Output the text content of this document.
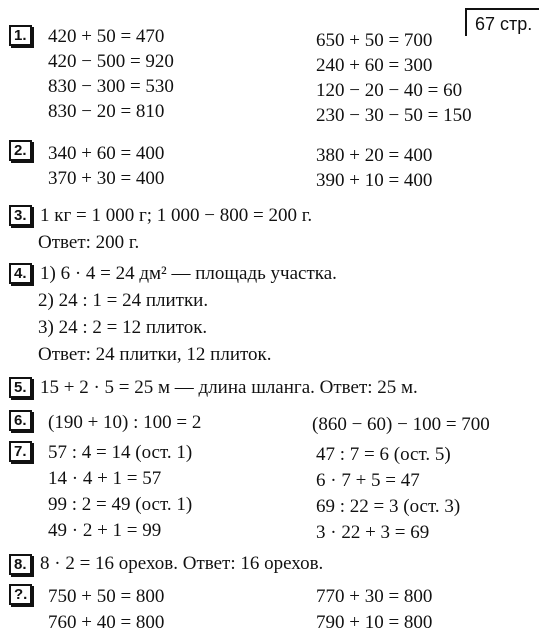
67 стр.
1. 420 + 50 = 470
420 − 500 = 920
830 − 300 = 530
830 − 20 = 810
650 + 50 = 700
240 + 60 = 300
120 − 20 − 40 = 60
230 − 30 − 50 = 150
2. 340 + 60 = 400
370 + 30 = 400
380 + 20 = 400
390 + 10 = 400
3. 1 кг = 1 000 г; 1 000 − 800 = 200 г.
Ответ: 200 г.
4. 1) 6 · 4 = 24 дм² — площадь участка.
2) 24 : 1 = 24 плитки.
3) 24 : 2 = 12 плиток.
Ответ: 24 плитки, 12 плиток.
5. 15 + 2 · 5 = 25 м — длина шланга. Ответ: 25 м.
6. (190 + 10) : 100 = 2	(860 − 60) − 100 = 700
7. 57 : 4 = 14 (ост. 1)
14 · 4 + 1 = 57
99 : 2 = 49 (ост. 1)
49 · 2 + 1 = 99
47 : 7 = 6 (ост. 5)
6 · 7 + 5 = 47
69 : 22 = 3 (ост. 3)
3 · 22 + 3 = 69
8. 8 · 2 = 16 орехов. Ответ: 16 орехов.
?. 750 + 50 = 800
760 + 40 = 800
770 + 30 = 800
790 + 10 = 800
